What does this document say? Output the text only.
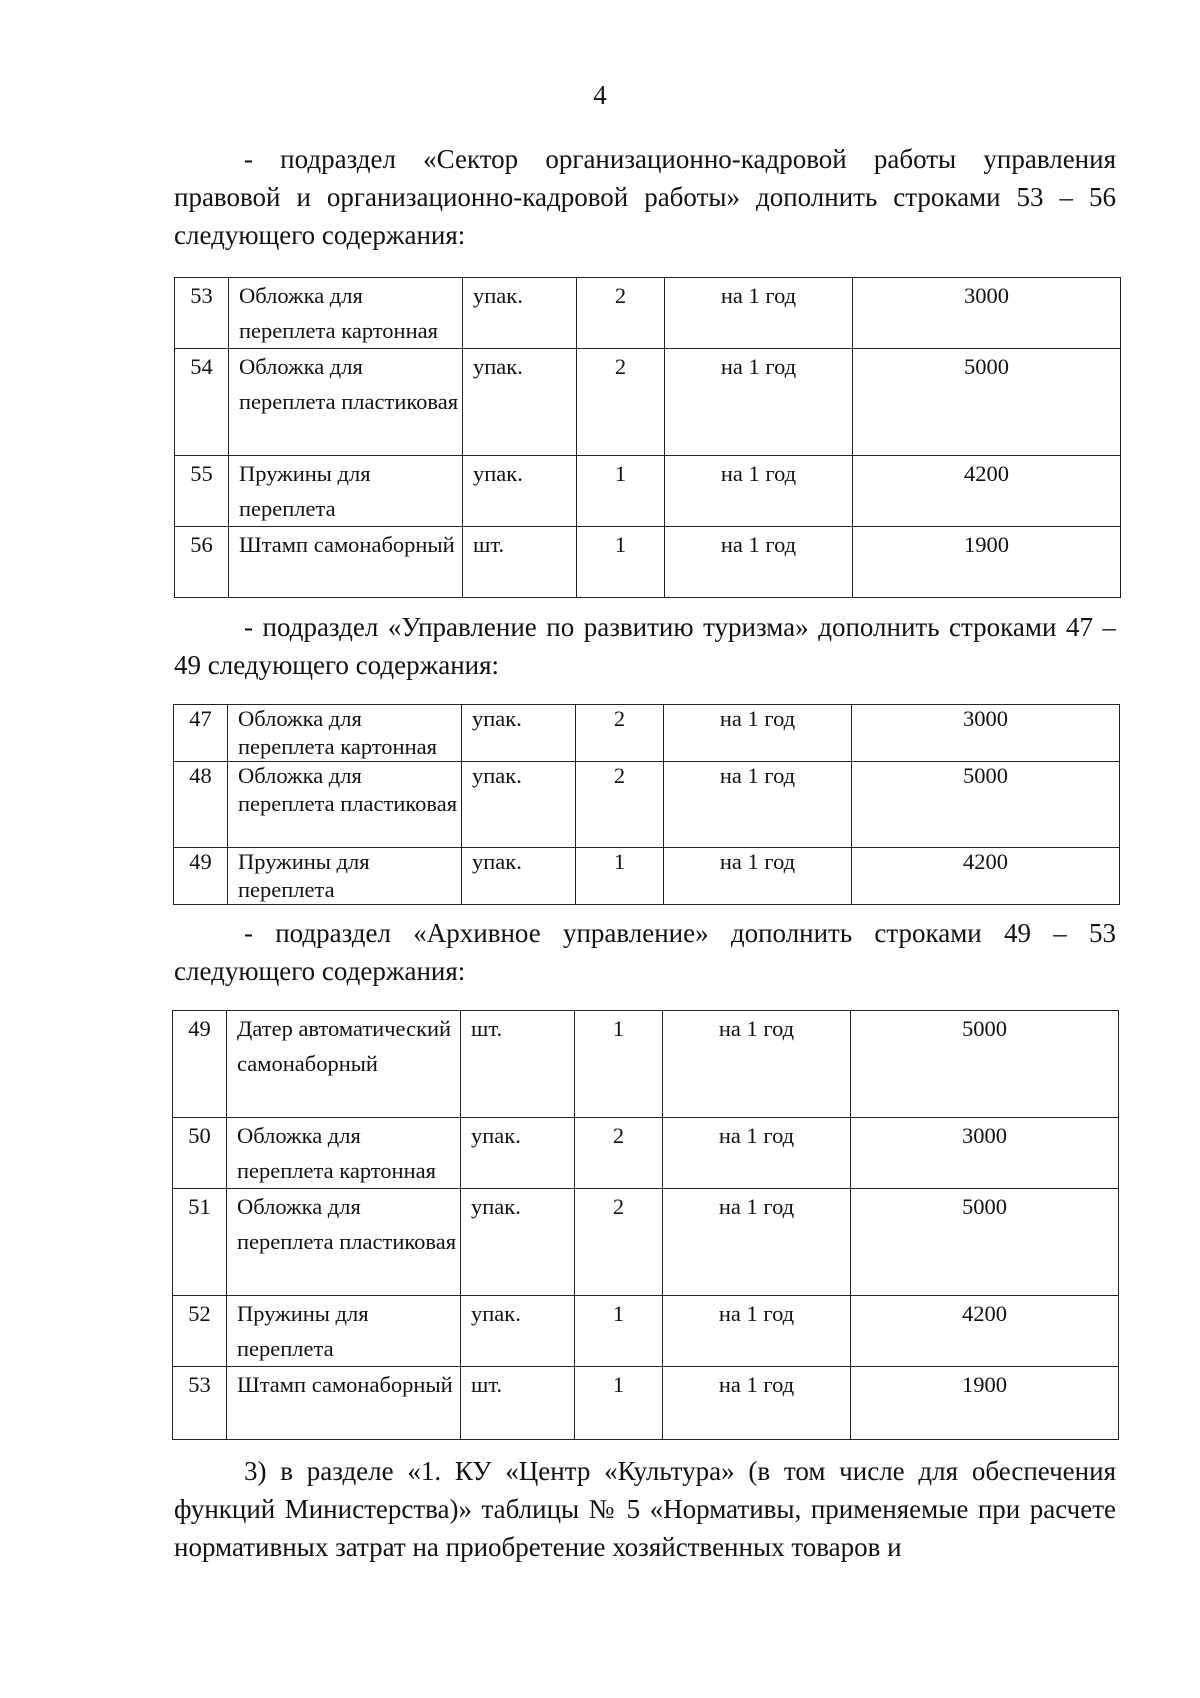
4
- подраздел «Сектор организационно-кадровой работы управления правовой и организационно-кадровой работы» дополнить строками 53 – 56 следующего содержания:
53	Обложка для переплета картонная	упак.	2	на 1 год	3000
54	Обложка для переплета пластиковая	упак.	2	на 1 год	5000
55	Пружины для переплета	упак.	1	на 1 год	4200
56	Штамп самонаборный	шт.	1	на 1 год	1900
- подраздел «Управление по развитию туризма» дополнить строками 47 – 49 следующего содержания:
47	Обложка для переплета картонная	упак.	2	на 1 год	3000
48	Обложка для переплета пластиковая	упак.	2	на 1 год	5000
49	Пружины для переплета	упак.	1	на 1 год	4200
- подраздел «Архивное управление» дополнить строками 49 – 53 следующего содержания:
49	Датер автоматический самонаборный	шт.	1	на 1 год	5000
50	Обложка для переплета картонная	упак.	2	на 1 год	3000
51	Обложка для переплета пластиковая	упак.	2	на 1 год	5000
52	Пружины для переплета	упак.	1	на 1 год	4200
53	Штамп самонаборный	шт.	1	на 1 год	1900
3) в разделе «1. КУ «Центр «Культура» (в том числе для обеспечения функций Министерства)» таблицы № 5 «Нормативы, применяемые при расчете нормативных затрат на приобретение хозяйственных товаров и
